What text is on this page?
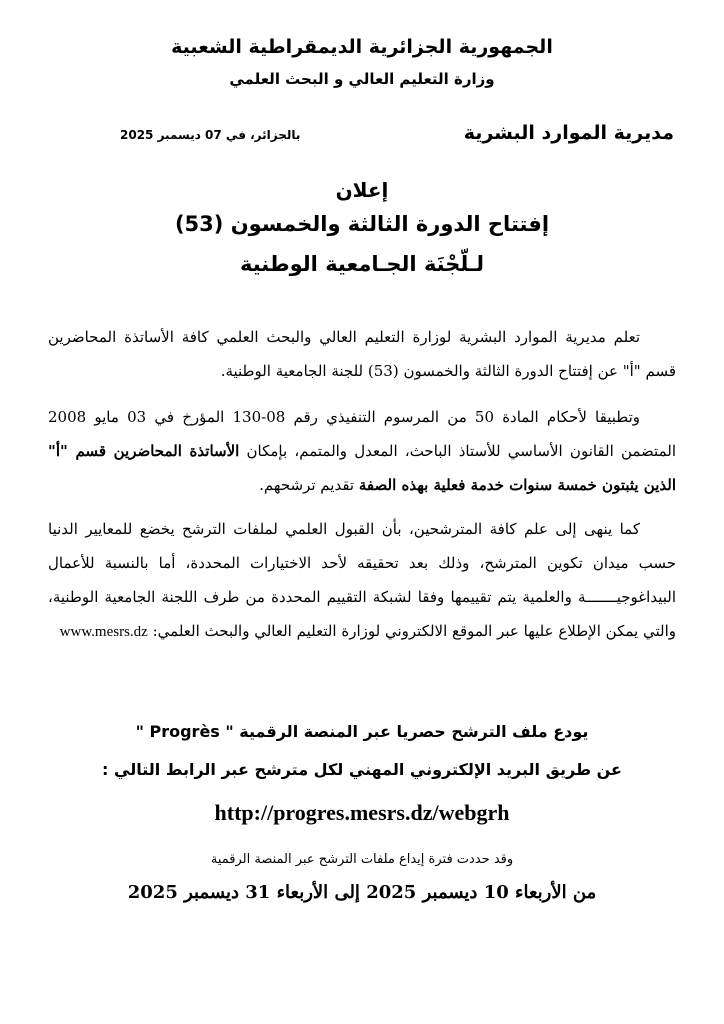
الجمهورية الجزائرية الديمقراطية الشعبية
وزارة التعليم العالي و البحث العلمي
مديرية الموارد البشرية
بالجزائر، في 07 ديسمبر 2025
إعلان
إفتتاح الدورة الثالثة والخمسون (53)
لـلّجْنَة الجـامعية الوطنية
تعلم مديرية الموارد البشرية لوزارة التعليم العالي والبحث العلمي كافة الأساتذة المحاضرين قسم "أ" عن إفتتاح الدورة الثالثة والخمسون (53) للجنة الجامعية الوطنية.
وتطبيقا لأحكام المادة 50 من المرسوم التنفيذي رقم 08-130 المؤرخ في 03 مايو 2008 المتضمن القانون الأساسي للأستاذ الباحث، المعدل والمتمم، بإمكان الأساتذة المحاضرين قسم "أ" الذين يثبتون خمسة سنوات خدمة فعلية بهذه الصفة تقديم ترشحهم.
كما ينهى إلى علم كافة المترشحين، بأن القبول العلمي لملفات الترشح يخضع للمعايير الدنيا حسب ميدان تكوين المترشح، وذلك بعد تحقيقه لأحد الاختيارات المحددة، أما بالنسبة للأعمال البيداغوجيـــــــة والعلمية يتم تقييمها وفقا لشبكة التقييم المحددة من طرف اللجنة الجامعية الوطنية، والتي يمكن الإطلاع عليها عبر الموقع الالكتروني لوزارة التعليم العالي والبحث العلمي: www.mesrs.dz
يودع ملف الترشح حصريا عبر المنصة الرقمية " Progrès "
عن طريق البريد الإلكتروني المهني لكل مترشح عبر الرابط التالي :
http://progres.mesrs.dz/webgrh
وقد حددت فترة إيداع ملفات الترشح عبر المنصة الرقمية
من الأربعاء 10 ديسمبر 2025 إلى الأربعاء 31 ديسمبر 2025
